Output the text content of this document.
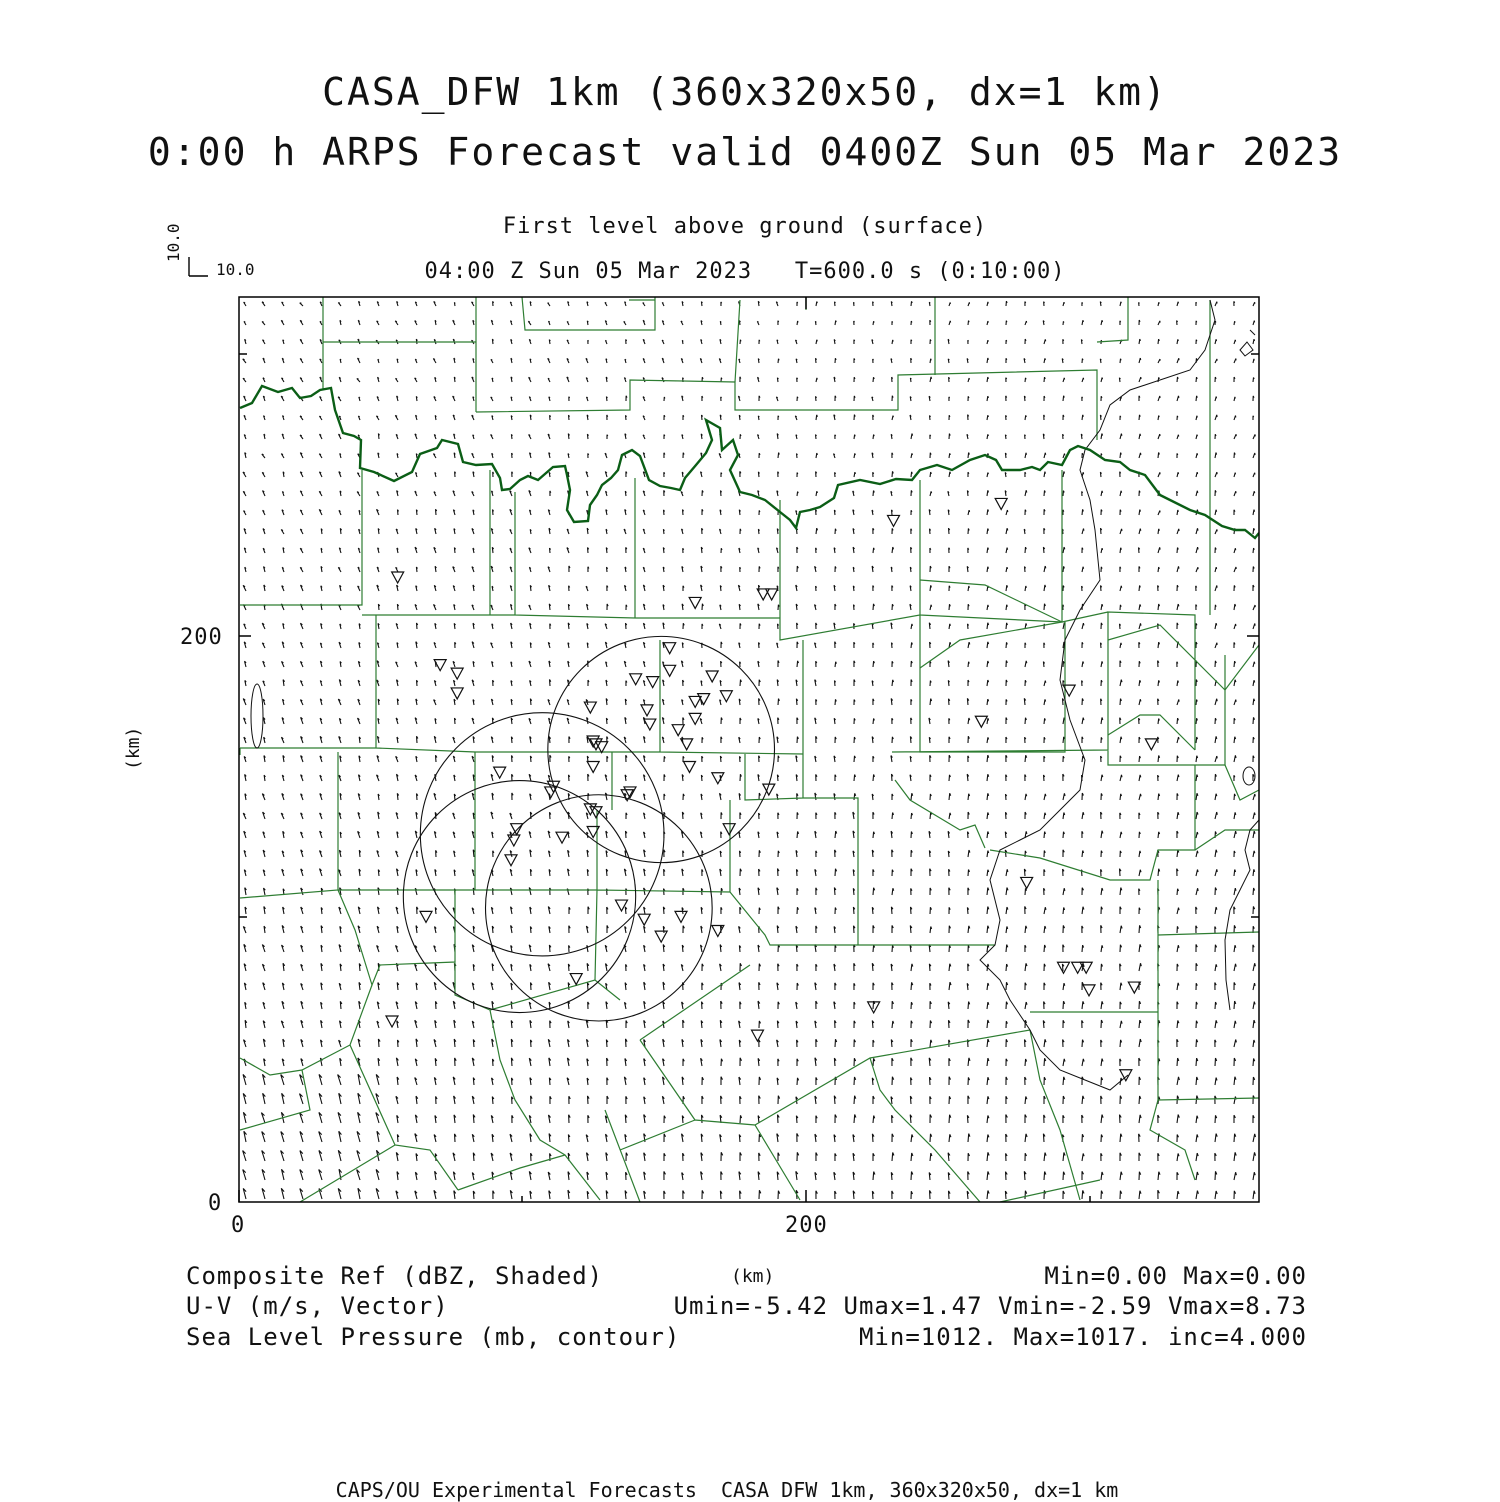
CASA_DFW 1km (360x320x50, dx=1 km)
0:00 h ARPS Forecast valid 0400Z Sun 05 Mar 2023
First level above ground (surface)
04:00 Z Sun 05 Mar 2023   T=600.0 s (0:10:00)
10.0
10.0
(km)
(km)
0	200
0
200
Composite Ref (dBZ, Shaded)	Min=0.00 Max=0.00
U-V (m/s, Vector)	Umin=-5.42 Umax=1.47 Vmin=-2.59 Vmax=8.73
Sea Level Pressure (mb, contour)	Min=1012. Max=1017. inc=4.000
CAPS/OU Experimental Forecasts  CASA DFW 1km, 360x320x50, dx=1 km
